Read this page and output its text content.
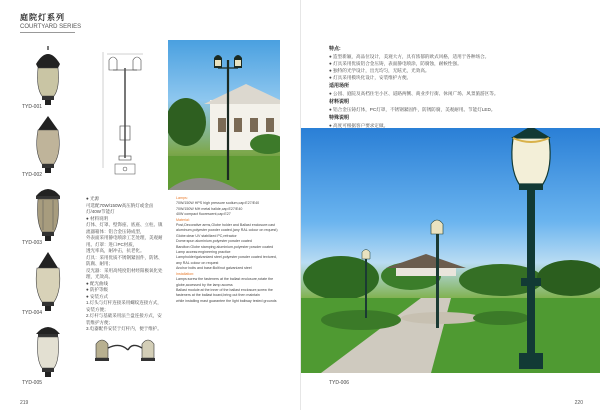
庭院灯系列
COURTYARD SERIES
TYD-001
TYD-002
TYD-003
TYD-004
TYD-005
● 光源
可选配70W/150W高压钠灯或金卤灯/40W节能灯
● 材料说明
灯体、灯罩、壁饰座、底座、立柱、镇流器箱体：铝合金压铸成型，
外表面采用静电喷涂工艺处理，美观耐用。灯罩：进口PC材质，
透光率高，耐冲击，抗老化。
灯具：采用优质不锈钢紧固件，防锈、防腐、耐用；
反光器：采用高纯度铝材经阳极氧化处理，光效高。
● 配光曲线
● 防护等级
● 安装方式
1.灯头与灯杆连接采用螺纹连接方式，安装方便；
2.灯杆与基础采用法兰盘连接方式，安装维护方便；
3.电器配件安装于灯杆内，便于维护。
Lamps:
70W/150W HPS high pressure sodium,cap:E27/E40
70W/150W MH metal halide,cap:E27/E40
40W compact fluorescent,cap:E27
Material:
Post,Decorative arms,Globe holder and Ballast enclosure:cast
aluminum,polyester powder coated,(any RAL colour on request)
Globe:clear UV stabilized PC,refractor
Dome:spun aluminium,polyester powder coated
Bandton:Globe stamping aluminium,polyester powder coated
Lamp access:engineering practice
Lampholder/galvanized steel,polyester powder coated textured,
any RAL colour on request
Anchor bolts and base:Bolt/nut galvanized steel
Installation:
Lamps:screw the fasteners at the ballast enclosure,rotate the
globe,accessed by the lamp access
Ballast module:at the inner of the ballast enclosure,screw the
fasteners at the ballast board,bring out then maintain
while installing mast guarantee the light ballway tested grounds
219
特点:
● 造型新颖，高品位设计，美观大方，具有浓郁的欧式风格，适用于各种场合。
● 灯具采用优质铝合金压铸，表面静电喷涂，防腐蚀，耐候性强。
● 独特的光学设计，出光均匀，无眩光，光效高。
● 灯具采用模块化设计，安装维护方便。
适用场所
● 公园、庭院及高档住宅小区、道路两侧、商业步行街、休闲广场、风景旅游区等。
材料说明
● 铝合金压铸灯体，PC灯罩，不锈钢紧固件，防锈防腐，美观耐用。节能灯LED。
特殊说明
● 高度可根据客户要求定做。
TYD-006
220
